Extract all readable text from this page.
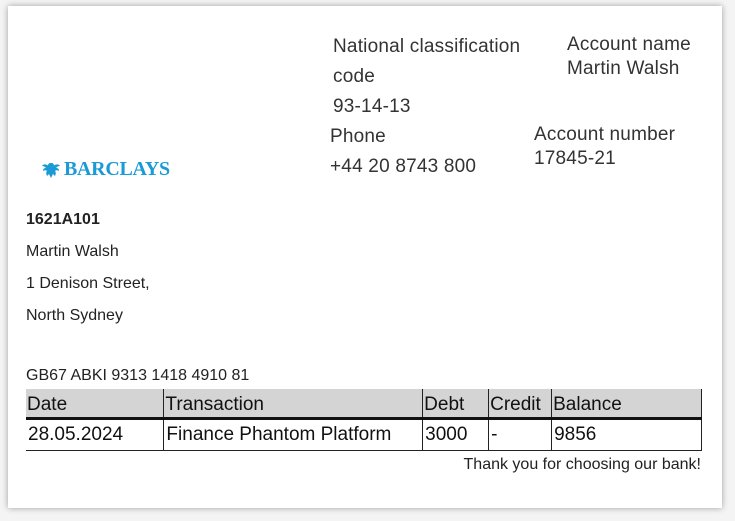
National classification
code
93-14-13
Phone
+44 20 8743 800
Account name
Martin Walsh
Account number
17845-21
BARCLAYS
1621A101
Martin Walsh
1 Denison Street,
North Sydney
GB67 ABKI 9313 1418 4910 81
Date	Transaction	Debt	Credit	Balance
28.05.2024	Finance Phantom Platform	3000	-	9856
Thank you for choosing our bank!
